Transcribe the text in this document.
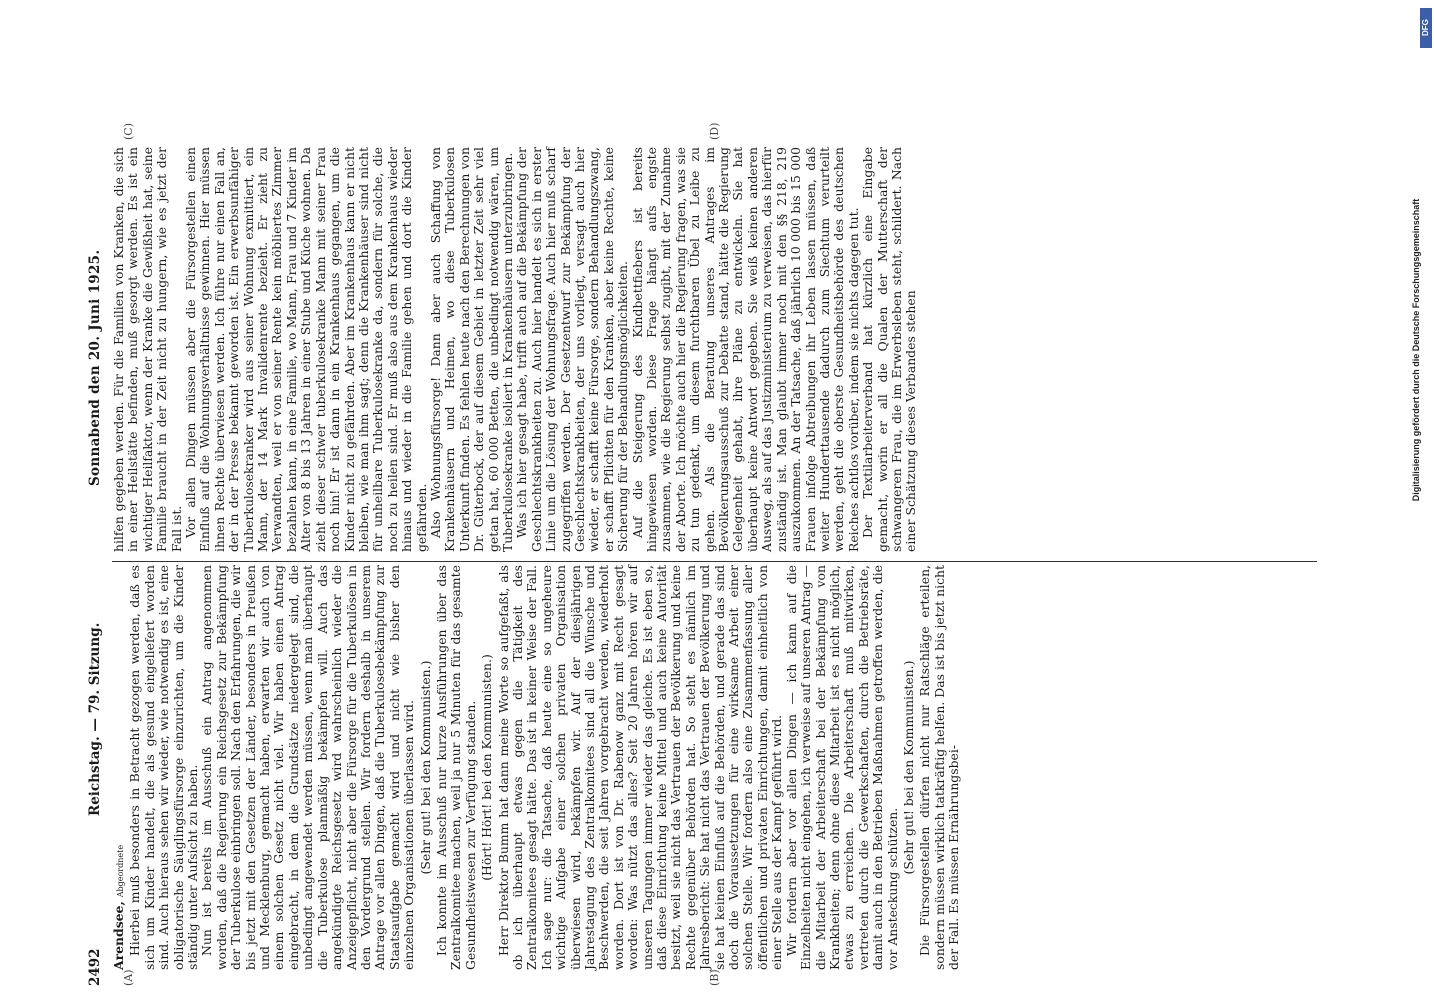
2492
Reichstag. — 79. Sitzung.
Sonnabend den 20. Juni 1925.
(A)	(B)
(C)	(D)

Arendsee, Abgeordnete Hierbei muß besonders in Betracht gezogen werden, daß es sich um Kinder handelt, die als gesund eingeliefert worden sind. Auch hieraus sehen wir wieder, wie notwendig es ist, eine obligatorische Säuglingsfürsorge einzurichten, um die Kinder ständig unter Aufsicht zu haben. Nun ist bereits im Ausschuß ein Antrag angenommen worden, daß die Regierung ein Reichsgesetz zur Bekämpfung der Tuberkulose einbringen soll. Nach den Erfahrungen, die wir bis jetzt mit den Gesetzen der Länder, besonders in Preußen und Mecklenburg, gemacht haben, erwarten wir auch von einem solchen Gesetz nicht viel. Wir haben einen Antrag eingebracht, in dem die Grundsätze niedergelegt sind, die unbedingt angewendet werden müssen, wenn man überhaupt die Tuberkulose planmäßig bekämpfen will. Auch das angekündigte Reichsgesetz wird wahrscheinlich wieder die Anzeigepflicht, nicht aber die Fürsorge für die Tuberkulösen in den Vordergrund stellen. Wir fordern deshalb in unserem Antrage vor allen Dingen, daß die Tuberkulosebekämpfung zur Staatsaufgabe gemacht wird und nicht wie bisher den einzelnen Organisationen überlassen wird. (Sehr gut! bei den Kommunisten.) Ich konnte im Ausschuß nur kurze Ausführungen über das Zentralkomitee machen, weil ja nur 5 Minuten für das gesamte Gesundheitswesen zur Verfügung standen. (Hört! Hört! bei den Kommunisten.) Herr Direktor Bumm hat dann meine Worte so aufgefaßt, als ob ich überhaupt etwas gegen die Tätigkeit des Zentralkomitees gesagt hätte. Das ist in keiner Weise der Fall. Ich sage nur: die Tatsache, daß heute eine so ungeheure wichtige Aufgabe einer solchen privaten Organisation überwiesen wird, bekämpfen wir. Auf der diesjährigen Jahrestagung des Zentralkomitees sind all die Wünsche und Beschwerden, die seit Jahren vorgebracht werden, wiederholt worden. Dort ist von Dr. Rabenow ganz mit Recht gesagt worden: Was nützt das alles? Seit 20 Jahren hören wir auf unseren Tagungen immer wieder das gleiche. Es ist eben so, daß diese Einrichtung keine Mittel und auch keine Autorität besitzt, weil sie nicht das Vertrauen der Bevölkerung und keine Rechte gegenüber Behörden hat. So steht es nämlich im Jahresbericht: Sie hat nicht das Vertrauen der Bevölkerung und sie hat keinen Einfluß auf die Behörden, und gerade das sind doch die Voraussetzungen für eine wirksame Arbeit einer solchen Stelle. Wir fordern also eine Zusammenfassung aller öffentlichen und privaten Einrichtungen, damit einheitlich von einer Stelle aus der Kampf geführt wird. Wir fordern aber vor allen Dingen — ich kann auf die Einzelheiten nicht eingehen, ich verweise auf unseren Antrag — die Mitarbeit der Arbeiterschaft bei der Bekämpfung von Krankheiten; denn ohne diese Mitarbeit ist es nicht möglich, etwas zu erreichen. Die Arbeiterschaft muß mitwirken, vertreten durch die Gewerkschaften, durch die Betriebsräte, damit auch in den Betrieben Maßnahmen getroffen werden, die vor Ansteckung schützen.

(Sehr gut! bei den Kommunisten.) Die Fürsorgestellen dürfen nicht nur Ratschläge erteilen, sondern müssen wirklich tatkräftig helfen. Das ist bis jetzt nicht der Fall. Es müssen Ernährungsbei-

hilfen gegeben werden. Für die Familien von Kranken, die sich in einer Heilstätte befinden, muß gesorgt werden. Es ist ein wichtiger Heilfaktor, wenn der Kranke die Gewißheit hat, seine Familie braucht in der Zeit nicht zu hungern, wie es jetzt der Fall ist. Vor allen Dingen müssen aber die Fürsorgestellen einen Einfluß auf die Wohnungsverhältnisse gewinnen. Hier müssen ihnen Rechte überwiesen werden. Ich führe nur einen Fall an, der in der Presse bekannt geworden ist. Ein erwerbsunfähiger Tuberkulosekranker wird aus seiner Wohnung exmittiert, ein Mann, der 14 Mark Invalidenrente bezieht. Er zieht zu Verwandten, weil er von seiner Rente kein möbliertes Zimmer bezahlen kann, in eine Familie, wo Mann, Frau und 7 Kinder im Alter von 8 bis 13 Jahren in einer Stube und Küche wohnen. Da zieht dieser schwer tuberkulosekranke Mann mit seiner Frau noch hin! Er ist dann in ein Krankenhaus gegangen, um die Kinder nicht zu gefährden. Aber im Krankenhaus kann er nicht bleiben, wie man ihm sagt; denn die Krankenhäuser sind nicht für unheilbare Tuberkulosekranke da, sondern für solche, die noch zu heilen sind. Er muß also aus dem Krankenhaus wieder hinaus und wieder in die Familie gehen und dort die Kinder gefährden. Also Wohnungsfürsorge! Dann aber auch Schaffung von Krankenhäusern und Heimen, wo diese Tuberkulosen Unterkunft finden. Es fehlen heute nach den Berechnungen von Dr. Güterbock, der auf diesem Gebiet in letzter Zeit sehr viel getan hat, 60 000 Betten, die unbedingt notwendig wären, um Tuberkulosekranke isoliert in Krankenhäusern unterzubringen. Was ich hier gesagt habe, trifft auch auf die Bekämpfung der Geschlechtskrankheiten zu. Auch hier handelt es sich in erster Linie um die Lösung der Wohnungsfrage. Auch hier muß scharf zugegriffen werden. Der Gesetzentwurf zur Bekämpfung der Geschlechtskrankheiten, der uns vorliegt, versagt auch hier wieder, er schafft keine Fürsorge, sondern Behandlungszwang, er schafft Pflichten für den Kranken, aber keine Rechte, keine Sicherung für der Behandlungsmöglichkeiten. Auf die Steigerung des Kindbettfiebers ist bereits hingewiesen worden. Diese Frage hängt aufs engste zusammen, wie die Regierung selbst zugibt, mit der Zunahme der Aborte. Ich möchte auch hier die Regierung fragen, was sie zu tun gedenkt, um diesem furchtbaren Übel zu Leibe zu gehen. Als die Beratung unseres Antrages im Bevölkerungsausschuß zur Debatte stand, hätte die Regierung Gelegenheit gehabt, ihre Pläne zu entwickeln. Sie hat überhaupt keine Antwort gegeben. Sie weiß keinen anderen Ausweg, als auf das Justizministerium zu verweisen, das hierfür zuständig ist. Man glaubt immer noch mit den §§ 218, 219 auszukommen. An der Tatsache, daß jährlich 10 000 bis 15 000 Frauen infolge Abtreibungen ihr Leben lassen müssen, daß weiter Hunderttausende dadurch zum Siechtum verurteilt werden, geht die oberste Gesundheitsbehörde des deutschen Reiches achtlos vorüber, indem sie nichts dagegen tut. Der Textilarbeiterverband hat kürzlich eine Eingabe gemacht, worin er all die Qualen der Mutterschaft der schwangeren Frau, die im Erwerbsleben steht, schildert. Nach einer Schätzung dieses Verbandes stehen	Digitalisierung gefördert durch die Deutsche Forschungsgemeinschaft
DFG
